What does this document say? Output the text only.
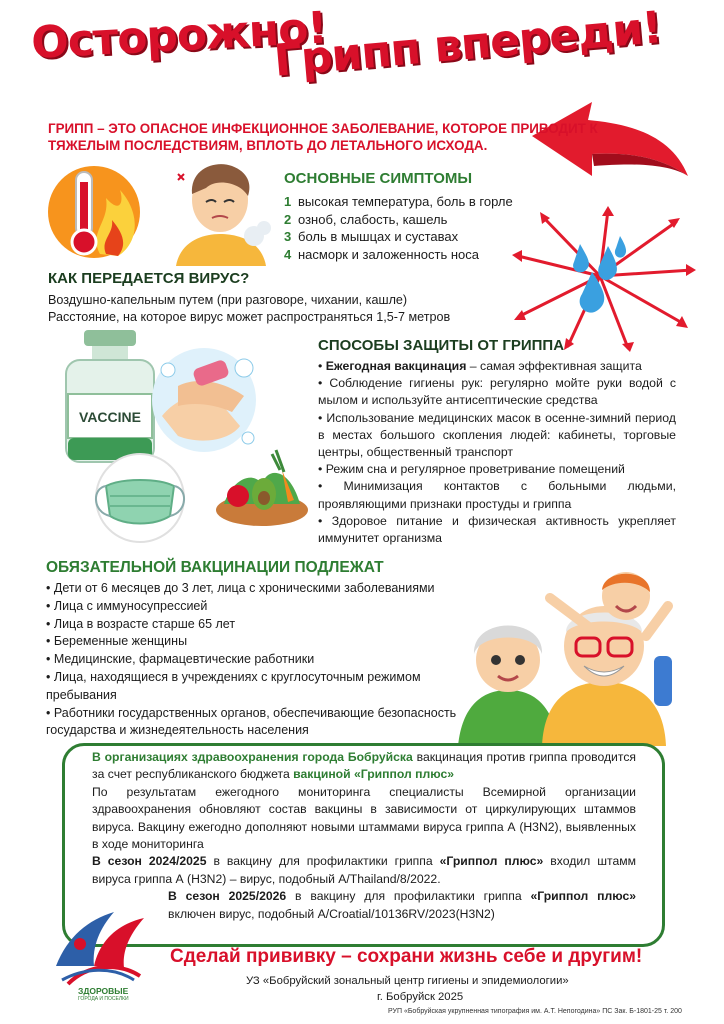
Осторожно!
Грипп впереди!
ГРИПП – ЭТО ОПАСНОЕ ИНФЕКЦИОННОЕ ЗАБОЛЕВАНИЕ, КОТОРОЕ ПРИВОДИТ К ТЯЖЕЛЫМ ПОСЛЕДСТВИЯМ, ВПЛОТЬ ДО ЛЕТАЛЬНОГО ИСХОДА.
ОСНОВНЫЕ СИМПТОМЫ
1 высокая температура, боль в горле
2 озноб, слабость, кашель
3 боль в мышцах и суставах
4 насморк и заложенность носа
КАК ПЕРЕДАЕТСЯ ВИРУС?
Воздушно-капельным путем (при разговоре, чихании, кашле)
Расстояние, на которое вирус может распространяться 1,5-7 метров
VACCINE
СПОСОБЫ ЗАЩИТЫ ОТ ГРИППА

• Ежегодная вакцинация – самая эффективная защита

• Соблюдение гигиены рук: регулярно мойте руки водой с мылом и используйте антисептические средства

• Использование медицинских масок в осенне-зимний период в местах большого скопления людей: кабинеты, торговые центры, общественный транспорт

• Режим сна и регулярное проветривание помещений

• Минимизация контактов с больными людьми, проявляющими признаки простуды и гриппа

• Здоровое питание и физическая активность укрепляет иммунитет организма

ОБЯЗАТЕЛЬНОЙ ВАКЦИНАЦИИ ПОДЛЕЖАТ

• Дети от 6 месяцев до 3 лет, лица с хроническими заболеваниями

• Лица с иммуносупрессией

• Лица в возрасте старше 65 лет

• Беременные женщины

• Медицинские, фармацевтические работники

• Лица, находящиеся в учреждениях с круглосуточным режимом пребывания

• Работники государственных органов, обеспечивающие безопасность государства и жизнедеятельность населения

В организациях здравоохранения города Бобруйска вакцинация против гриппа проводится за счет республиканского бюджета вакциной «Гриппол плюс»

По результатам ежегодного мониторинга специалисты Всемирной организации здравоохранения обновляют состав вакцины в зависимости от циркулирующих штаммов вируса. Вакцину ежегодно дополняют новыми штаммами вируса гриппа А (H3N2), выявленных в ходе мониторинга

В сезон 2024/2025 в вакцину для профилактики гриппа «Гриппол плюс» входил штамм вируса гриппа А (H3N2) – вирус, подобный А/Thailand/8/2022.

В сезон 2025/2026 в вакцину для профилактики гриппа «Гриппол плюс» включен вирус, подобный А/Croatial/10136RV/2023(H3N2)

ЗДОРОВЫЕ
ГОРОДА И ПОСЕЛКИ
Сделай прививку – сохрани жизнь себе и другим!
УЗ «Бобруйский зональный центр гигиены и эпидемиологии»
г. Бобруйск 2025
РУП «Бобруйская укрупненная типография им. А.Т. Непогодина» ПС Зак. Б-1801-25 т. 200
